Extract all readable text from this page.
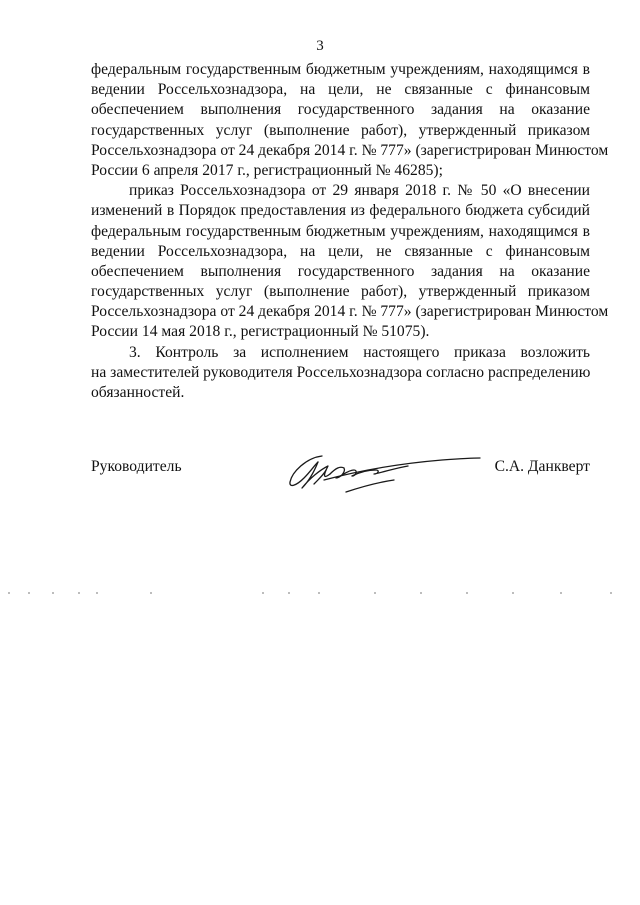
3

федеральным государственным бюджетным учреждениям, находящимся в
ведении Россельхознадзора, на цели, не связанные с финансовым
обеспечением выполнения государственного задания на оказание
государственных услуг (выполнение работ), утвержденный приказом
Россельхознадзора от 24 декабря 2014 г. № 777» (зарегистрирован Минюстом
России 6 апреля 2017 г., регистрационный № 46285);

приказ Россельхознадзора от 29 января 2018 г. № 50 «О внесении
изменений в Порядок предоставления из федерального бюджета субсидий
федеральным государственным бюджетным учреждениям, находящимся в
ведении Россельхознадзора, на цели, не связанные с финансовым
обеспечением выполнения государственного задания на оказание
государственных услуг (выполнение работ), утвержденный приказом
Россельхознадзора от 24 декабря 2014 г. № 777» (зарегистрирован Минюстом
России 14 мая 2018 г., регистрационный № 51075).

3. Контроль за исполнением настоящего приказа возложить
на заместителей руководителя Россельхознадзора согласно распределению
обязанностей.

Руководитель	С.А. Данкверт
